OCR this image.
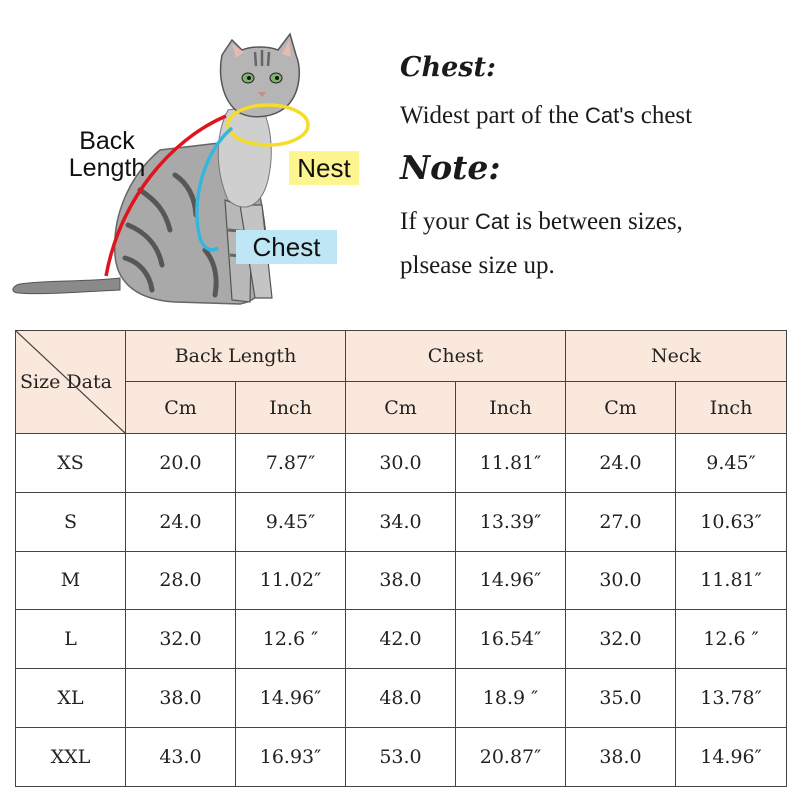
Back
Length	Nest
Chest
Chest:
Widest part of the Cat's chest
Note:
If your Cat is between sizes,
plsease size up.
Size Data	Back Length		Chest		Neck	
	Cm	Inch	Cm	Inch	Cm	Inch
XS	20.0	7.87″	30.0	11.81″	24.0	9.45″
S	24.0	9.45″	34.0	13.39″	27.0	10.63″
M	28.0	11.02″	38.0	14.96″	30.0	11.81″
L	32.0	12.6 ″	42.0	16.54″	32.0	12.6 ″
XL	38.0	14.96″	48.0	18.9 ″	35.0	13.78″
XXL	43.0	16.93″	53.0	20.87″	38.0	14.96″
